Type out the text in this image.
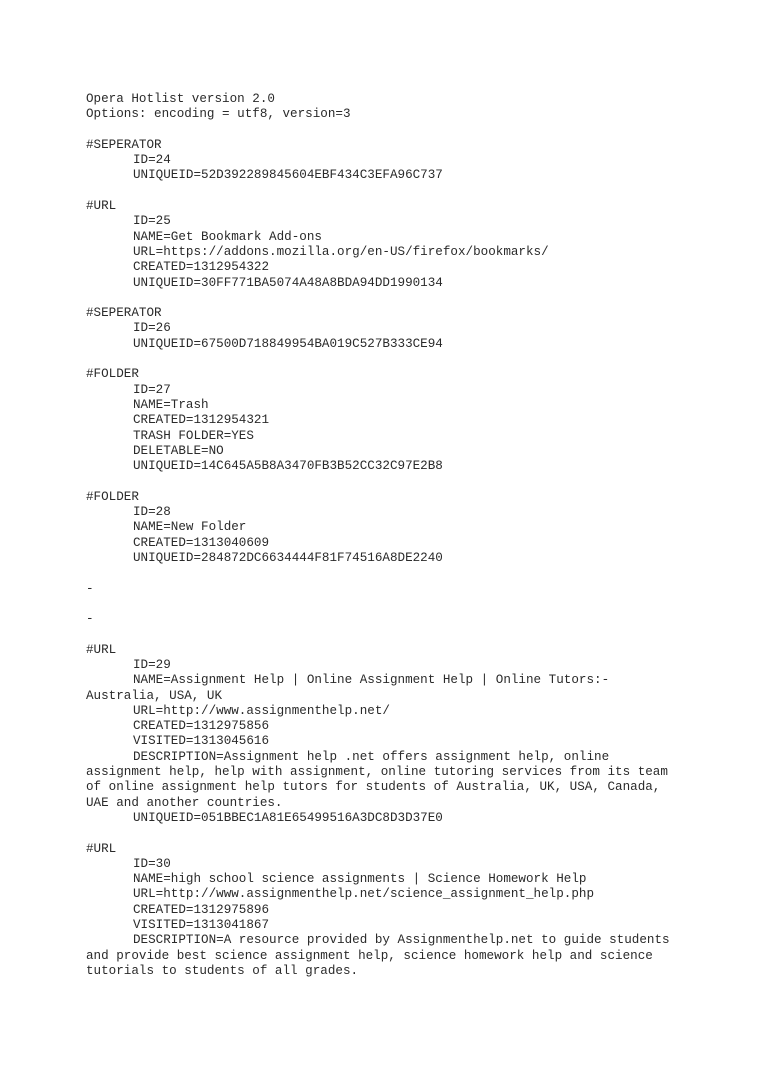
Opera Hotlist version 2.0
Options: encoding = utf8, version=3
#SEPERATOR
ID=24
UNIQUEID=52D392289845604EBF434C3EFA96C737
#URL
ID=25
NAME=Get Bookmark Add-ons
URL=https://addons.mozilla.org/en-US/firefox/bookmarks/
CREATED=1312954322
UNIQUEID=30FF771BA5074A48A8BDA94DD1990134
#SEPERATOR
ID=26
UNIQUEID=67500D718849954BA019C527B333CE94
#FOLDER
ID=27
NAME=Trash
CREATED=1312954321
TRASH FOLDER=YES
DELETABLE=NO
UNIQUEID=14C645A5B8A3470FB3B52CC32C97E2B8
#FOLDER
ID=28
NAME=New Folder
CREATED=1313040609
UNIQUEID=284872DC6634444F81F74516A8DE2240
-
-
#URL
ID=29
NAME=Assignment Help | Online Assignment Help | Online Tutors:- Australia, USA, UK
URL=http://www.assignmenthelp.net/
CREATED=1312975856
VISITED=1313045616
DESCRIPTION=Assignment help .net offers assignment help, online assignment help, help with assignment, online tutoring services from its team of online assignment help tutors for students of Australia, UK, USA, Canada, UAE and another countries.
UNIQUEID=051BBEC1A81E65499516A3DC8D3D37E0
#URL
ID=30
NAME=high school science assignments | Science Homework Help
URL=http://www.assignmenthelp.net/science_assignment_help.php
CREATED=1312975896
VISITED=1313041867
DESCRIPTION=A resource provided by Assignmenthelp.net to guide students and provide best science assignment help, science homework help and science tutorials to students of all grades.
